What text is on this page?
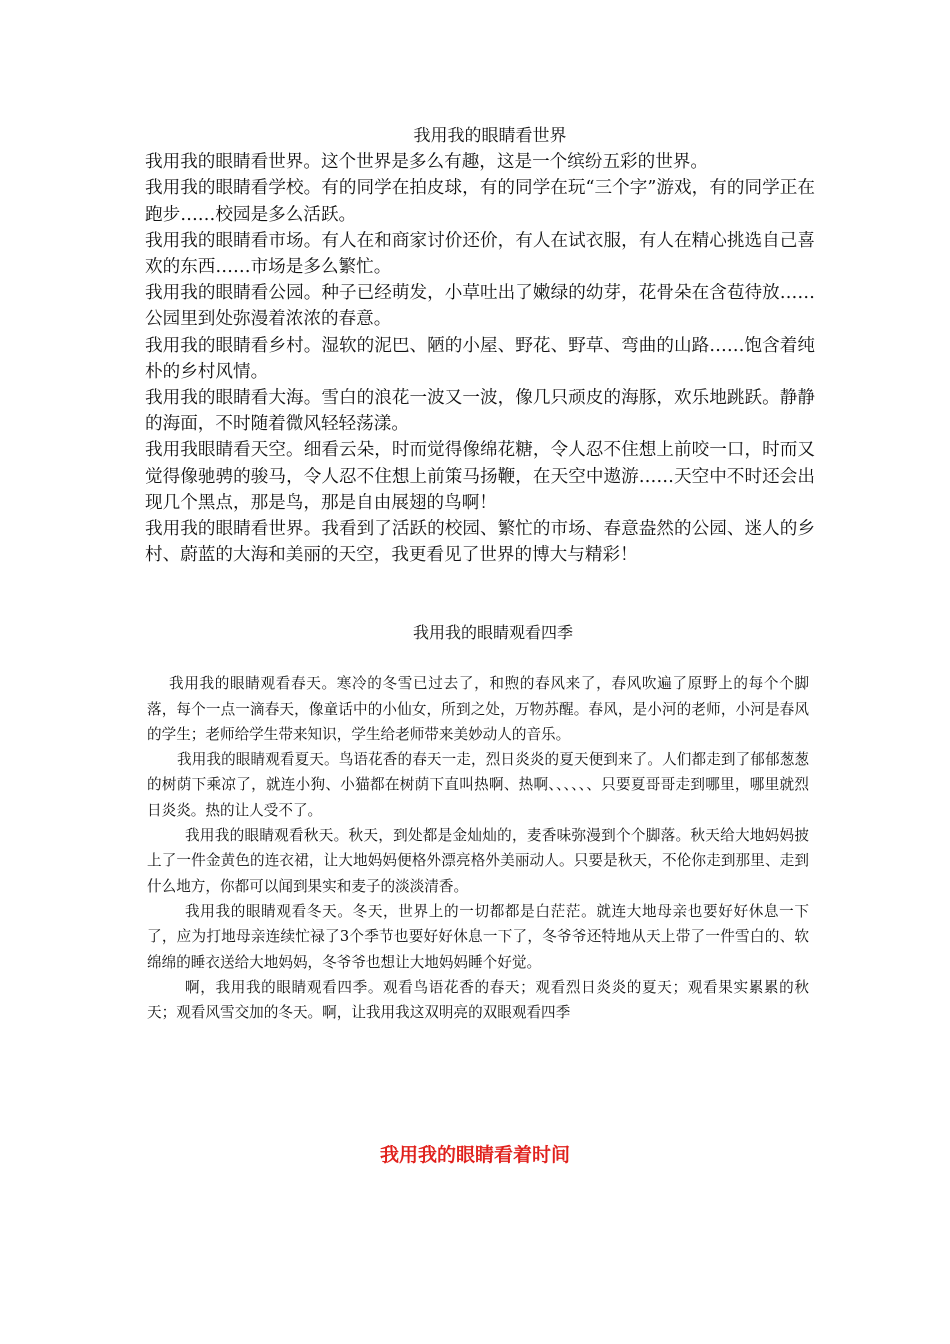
我用我的眼睛看世界

我用我的眼睛看世界。这个世界是多么有趣，这是一个缤纷五彩的世界。

我用我的眼睛看学校。有的同学在拍皮球，有的同学在玩“三个字”游戏，有的同学正在跑步……校园是多么活跃。

我用我的眼睛看市场。有人在和商家讨价还价，有人在试衣服，有人在精心挑选自己喜欢的东西……市场是多么繁忙。

我用我的眼睛看公园。种子已经萌发，小草吐出了嫩绿的幼芽，花骨朵在含苞待放……公园里到处弥漫着浓浓的春意。

我用我的眼睛看乡村。湿软的泥巴、陋的小屋、野花、野草、弯曲的山路……饱含着纯朴的乡村风情。

我用我的眼睛看大海。雪白的浪花一波又一波，像几只顽皮的海豚，欢乐地跳跃。静静的海面，不时随着微风轻轻荡漾。

我用我眼睛看天空。细看云朵，时而觉得像绵花糖，令人忍不住想上前咬一口，时而又觉得像驰骋的骏马，令人忍不住想上前策马扬鞭，在天空中遨游……天空中不时还会出现几个黑点，那是鸟，那是自由展翅的鸟啊！

我用我的眼睛看世界。我看到了活跃的校园、繁忙的市场、春意盎然的公园、迷人的乡村、蔚蓝的大海和美丽的天空，我更看见了世界的博大与精彩！

我用我的眼睛观看四季

我用我的眼睛观看春天。寒冷的冬雪已过去了，和煦的春风来了，春风吹遍了原野上的每个个脚落，每个一点一滴春天，像童话中的小仙女，所到之处，万物苏醒。春风，是小河的老师，小河是春风的学生；老师给学生带来知识，学生给老师带来美妙动人的音乐。

我用我的眼睛观看夏天。鸟语花香的春天一走，烈日炎炎的夏天便到来了。人们都走到了郁郁葱葱的树荫下乘凉了，就连小狗、小猫都在树荫下直叫热啊、热啊、、、、、、只要夏哥哥走到哪里，哪里就烈日炎炎。热的让人受不了。

我用我的眼睛观看秋天。秋天，到处都是金灿灿的，麦香味弥漫到个个脚落。秋天给大地妈妈披上了一件金黄色的连衣裙，让大地妈妈便格外漂亮格外美丽动人。只要是秋天，不伦你走到那里、走到什么地方，你都可以闻到果实和麦子的淡淡清香。

我用我的眼睛观看冬天。冬天，世界上的一切都都是白茫茫。就连大地母亲也要好好休息一下了，应为打地母亲连续忙禄了3个季节也要好好休息一下了，冬爷爷还特地从天上带了一件雪白的、软绵绵的睡衣送给大地妈妈，冬爷爷也想让大地妈妈睡个好觉。

啊，我用我的眼睛观看四季。观看鸟语花香的春天；观看烈日炎炎的夏天；观看果实累累的秋天；观看风雪交加的冬天。啊，让我用我这双明亮的双眼观看四季

我用我的眼睛看着时间
